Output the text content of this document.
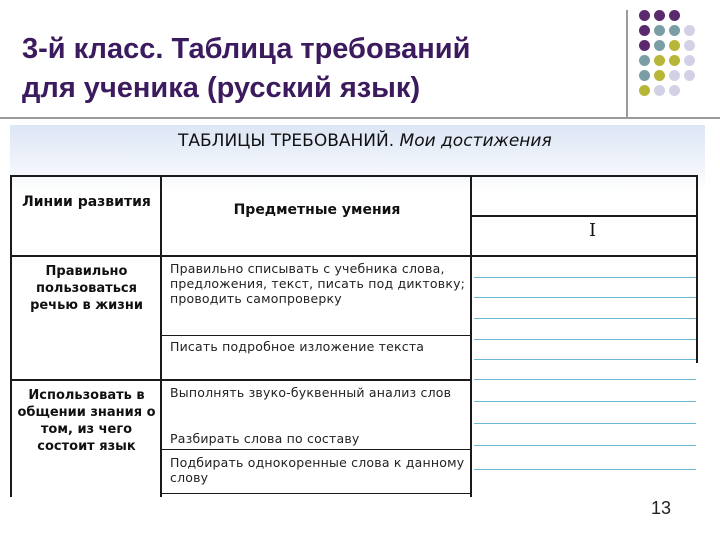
3-й класс. Таблица требований
для ученика (русский язык)
ТАБЛИЦЫ ТРЕБОВАНИЙ. Мои достижения
Линии развития	Предметные умения
I
Правильно пользоваться речью в жизни
Правильно списывать с учебника слова, предложения, текст, писать под диктовку; проводить самопроверку
Писать подробное изложение текста
Использовать в общении знания о том, из чего состоит язык
Выполнять звуко-буквенный анализ слов
Разбирать слова по составу
Подбирать однокоренные слова к данному слову
13
